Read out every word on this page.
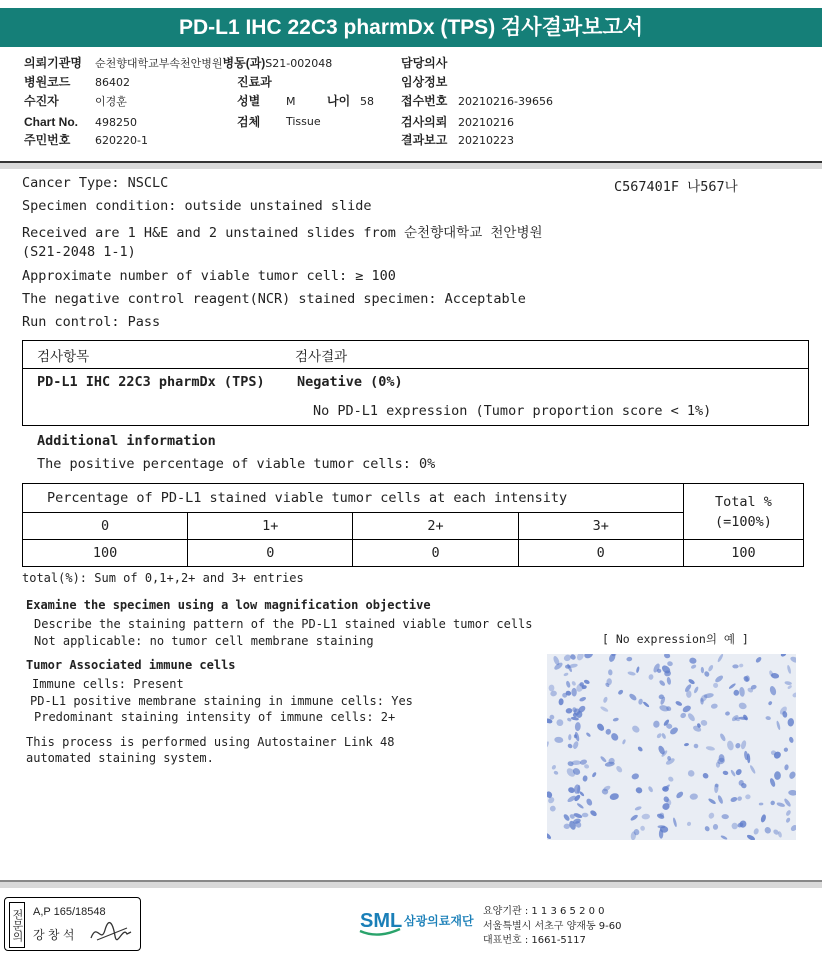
PD-L1 IHC 22C3 pharmDx (TPS) 검사결과보고서
의뢰기관명 순천향대학교부속천안병원병동(과)S21-002048	담당의사
병원코드 86402	진료과	임상정보
수진자	이경훈	성별 M	나이 58 접수번호 20210216-39656
Chart No. 498250	검체 Tissue	검사의뢰 20210216
주민번호 620220-1	결과보고 20210223
Cancer Type: NSCLC	C567401F 나567나
Specimen condition: outside unstained slide
Received are 1 H&E and 2 unstained slides from 순천향대학교 천안병원
(S21-2048 1-1)
Approximate number of viable tumor cell: ≥ 100
The negative control reagent(NCR) stained specimen: Acceptable
Run control: Pass
검사항목	검사결과
PD-L1 IHC 22C3 pharmDx (TPS) Negative (0%)
No PD-L1 expression (Tumor proportion score < 1%)
Additional information
The positive percentage of viable tumor cells: 0%
Percentage of PD-L1 stained viable tumor cells at each intensity				Total %
(=100%)

0	1+	2+	3+	
100	0	0	0	100
total(%): Sum of 0,1+,2+ and 3+ entries
Examine the specimen using a low magnification objective
Describe the staining pattern of the PD-L1 stained viable tumor cells
Not applicable: no tumor cell membrane staining	[ No expression의 예 ]
Tumor Associated immune cells
Immune cells: Present
PD-L1 positive membrane staining in immune cells: Yes
Predominant staining intensity of immune cells: 2+
This process is performed using Autostainer Link 48
automated staining system.
전문의 A,P 165/18548
강 창 석
SML 삼광의료재단
요양기관 : 1 1 3 6 5 2 0 0
서울특별시 서초구 양재동 9-60
대표번호 : 1661-5117
